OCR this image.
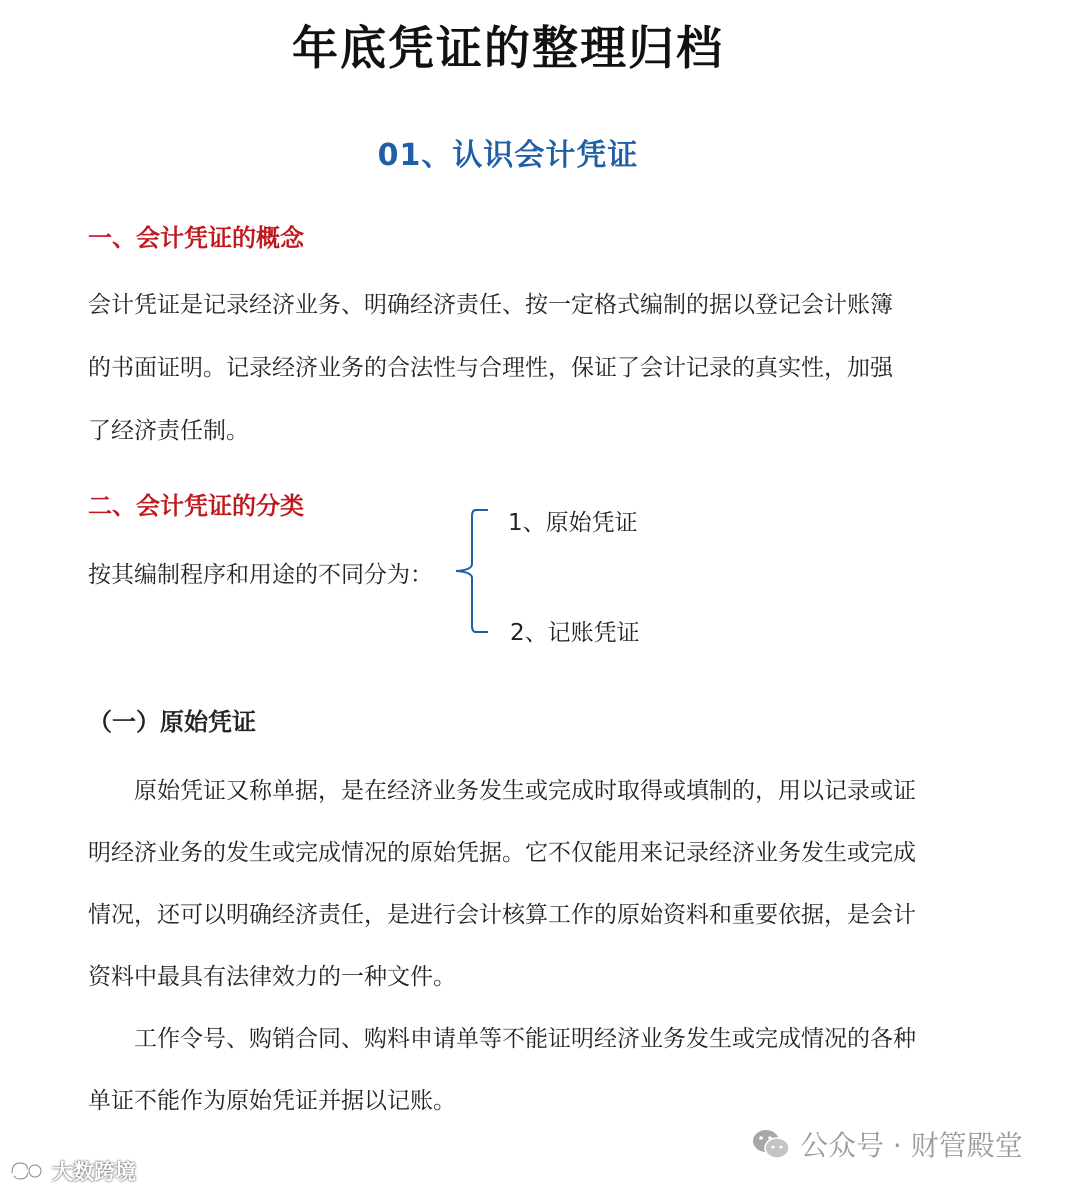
年底凭证的整理归档
01、认识会计凭证
一、会计凭证的概念
会计凭证是记录经济业务、明确经济责任、按一定格式编制的据以登记会计账簿
的书面证明。记录经济业务的合法性与合理性，保证了会计记录的真实性，加强
了经济责任制。
二、会计凭证的分类
按其编制程序和用途的不同分为：
1、原始凭证
2、记账凭证
（一）原始凭证

原始凭证又称单据，是在经济业务发生或完成时取得或填制的，用以记录或证明经济业务的发生或完成情况的原始凭据。它不仅能用来记录经济业务发生或完成情况，还可以明确经济责任，是进行会计核算工作的原始资料和重要依据，是会计资料中最具有法律效力的一种文件。

工作令号、购销合同、购料申请单等不能证明经济业务发生或完成情况的各种单证不能作为原始凭证并据以记账。

公众号 · 财管殿堂
大数跨境
